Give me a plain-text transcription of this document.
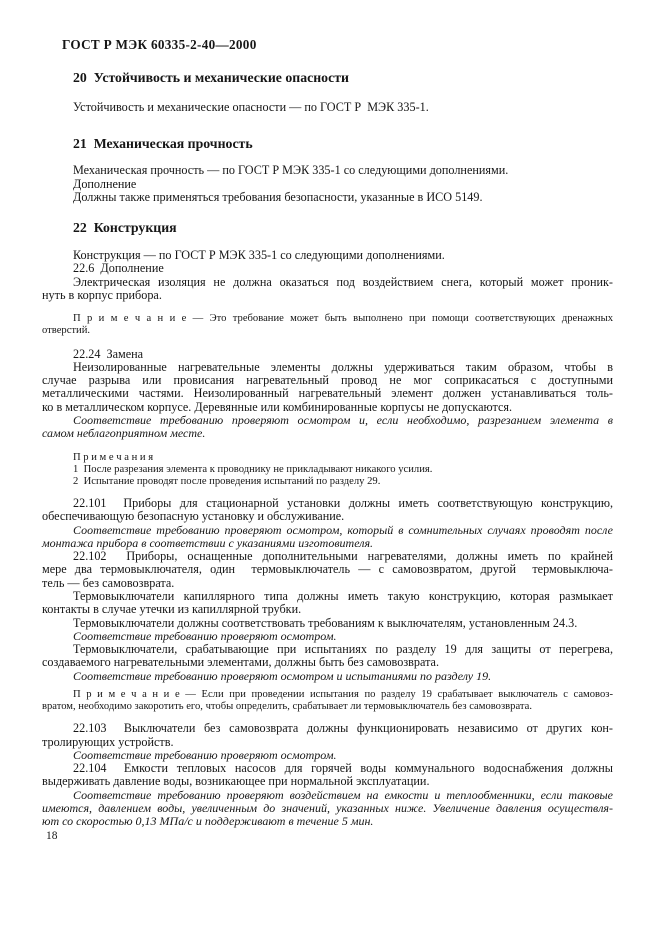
ГОСТ Р МЭК 60335-2-40—2000
20  Устойчивость и механические опасности
Устойчивость и механические опасности — по ГОСТ Р  МЭК 335-1.
21  Механическая прочность
Механическая прочность — по ГОСТ Р МЭК 335-1 со следующими дополнениями.
Дополнение
Должны также применяться требования безопасности, указанные в ИСО 5149.
22  Конструкция
Конструкция — по ГОСТ Р МЭК 335-1 со следующими дополнениями.
22.6  Дополнение
Электрическая изоляция не должна оказаться под воздействием снега, который может проник-
нуть в корпус прибора.
П р и м е ч а н и е — Это требование может быть выполнено при помощи соответствующих дренажных
отверстий.
22.24  Замена
Неизолированные нагревательные элементы должны удерживаться таким образом, чтобы в
случае разрыва или провисания нагревательный провод не мог соприкасаться с доступными
металлическими частями. Неизолированный нагревательный элемент должен устанавливаться толь-
ко в металлическом корпусе. Деревянные или комбинированные корпусы не допускаются.
Соответствие требованию проверяют осмотром и, если необходимо, разрезанием элемента в
самом неблагоприятном месте.
П р и м е ч а н и я
1  После разрезания элемента к проводнику не прикладывают никакого усилия.
2  Испытание проводят после проведения испытаний по разделу 29.
22.101  Приборы для стационарной установки должны иметь соответствующую конструкцию,
обеспечивающую безопасную установку и обслуживание.
Соответствие требованию проверяют осмотром, который в сомнительных случаях проводят после
монтажа прибора в соответствии с указаниями изготовителя.
22.102  Приборы, оснащенные дополнительными нагревателями, должны иметь по крайней
мере два термовыключателя, один  термовыключатель — с самовозвратом, другой  термовыключа-
тель — без самовозврата.
Термовыключатели капиллярного типа должны иметь такую конструкцию, которая размыкает
контакты в случае утечки из капиллярной трубки.
Термовыключатели должны соответствовать требованиям к выключателям, установленным 24.3.
Соответствие требованию проверяют осмотром.
Термовыключатели, срабатывающие при испытаниях по разделу 19 для защиты от перегрева,
создаваемого нагревательными элементами, должны быть без самовозврата.
Соответствие требованию проверяют осмотром и испытаниями по разделу 19.
П р и м е ч а н и е — Если при проведении испытания по разделу 19 срабатывает выключатель с самовоз-
вратом, необходимо закоротить его, чтобы определить, срабатывает ли термовыключатель без самовозврата.
22.103  Выключатели без самовозврата должны функционировать независимо от других кон-
тролирующих устройств.
Соответствие требованию проверяют осмотром.
22.104  Емкости тепловых насосов для горячей воды коммунального водоснабжения должны
выдерживать давление воды, возникающее при нормальной эксплуатации.
Соответствие требованию проверяют воздействием на емкости и теплообменники, если таковые
имеются, давлением воды, увеличенным до значений, указанных ниже. Увеличение давления осуществля-
ют со скоростью 0,13 МПа/с и поддерживают в течение 5 мин.
18
